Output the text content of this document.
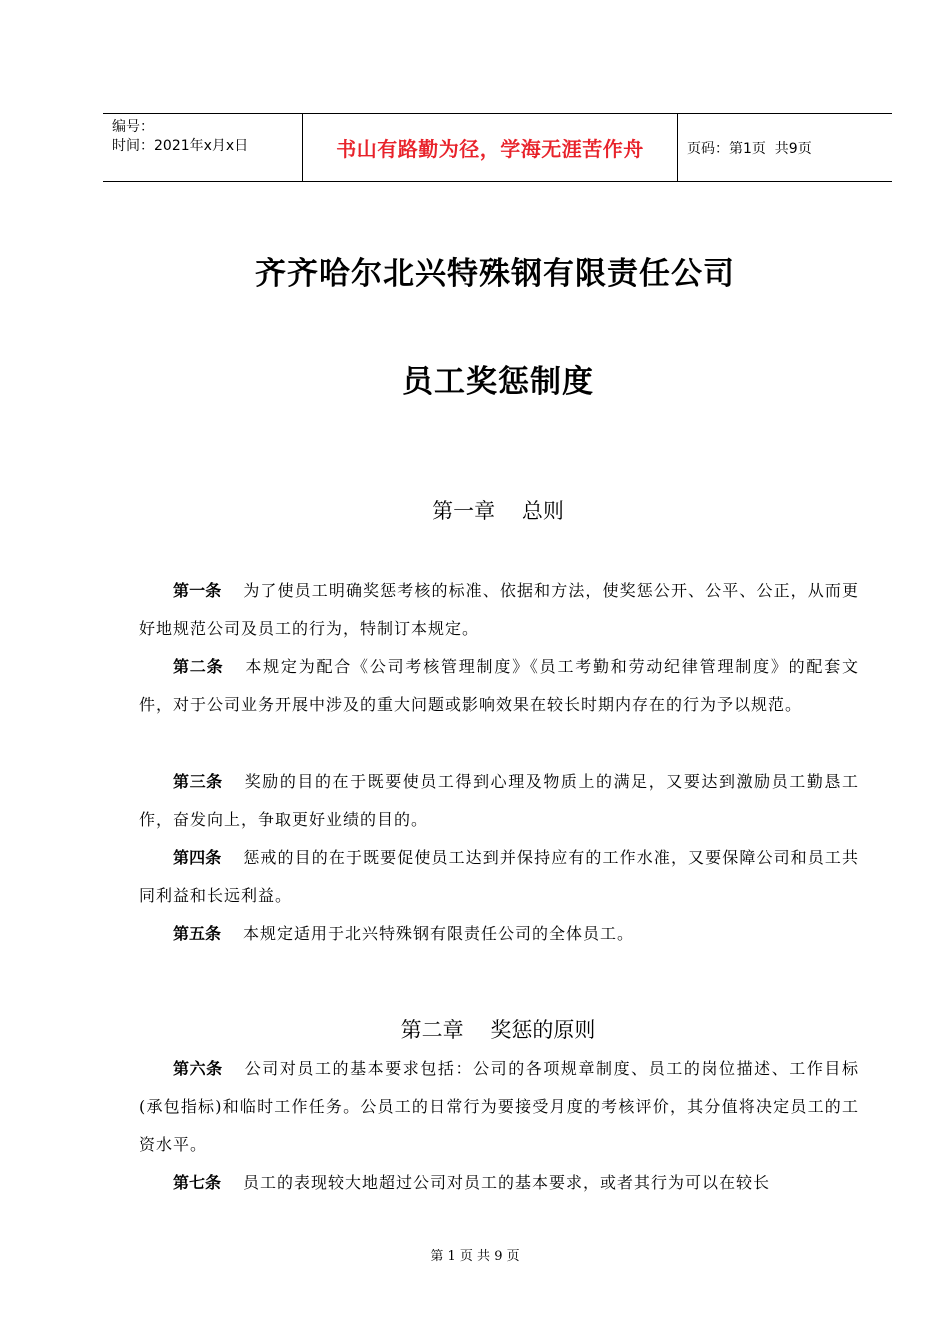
编号：
时间：2021年x月x日	书山有路勤为径，学海无涯苦作舟	页码：第1页  共9页
齐齐哈尔北兴特殊钢有限责任公司
员工奖惩制度
第一章    总则
第一条 为了使员工明确奖惩考核的标准、依据和方法，使奖惩公开、公平、公正，从而更好地规范公司及员工的行为，特制订本规定。
第二条 本规定为配合《公司考核管理制度》《员工考勤和劳动纪律管理制度》的配套文件，对于公司业务开展中涉及的重大问题或影响效果在较长时期内存在的行为予以规范。
第三条 奖励的目的在于既要使员工得到心理及物质上的满足，又要达到激励员工勤恳工作，奋发向上，争取更好业绩的目的。
第四条 惩戒的目的在于既要促使员工达到并保持应有的工作水准，又要保障公司和员工共同利益和长远利益。
第五条 本规定适用于北兴特殊钢有限责任公司的全体员工。
第二章    奖惩的原则
第六条 公司对员工的基本要求包括：公司的各项规章制度、员工的岗位描述、工作目标(承包指标)和临时工作任务。公员工的日常行为要接受月度的考核评价，其分值将决定员工的工资水平。
第七条 员工的表现较大地超过公司对员工的基本要求，或者其行为可以在较长
第 1 页 共 9 页
